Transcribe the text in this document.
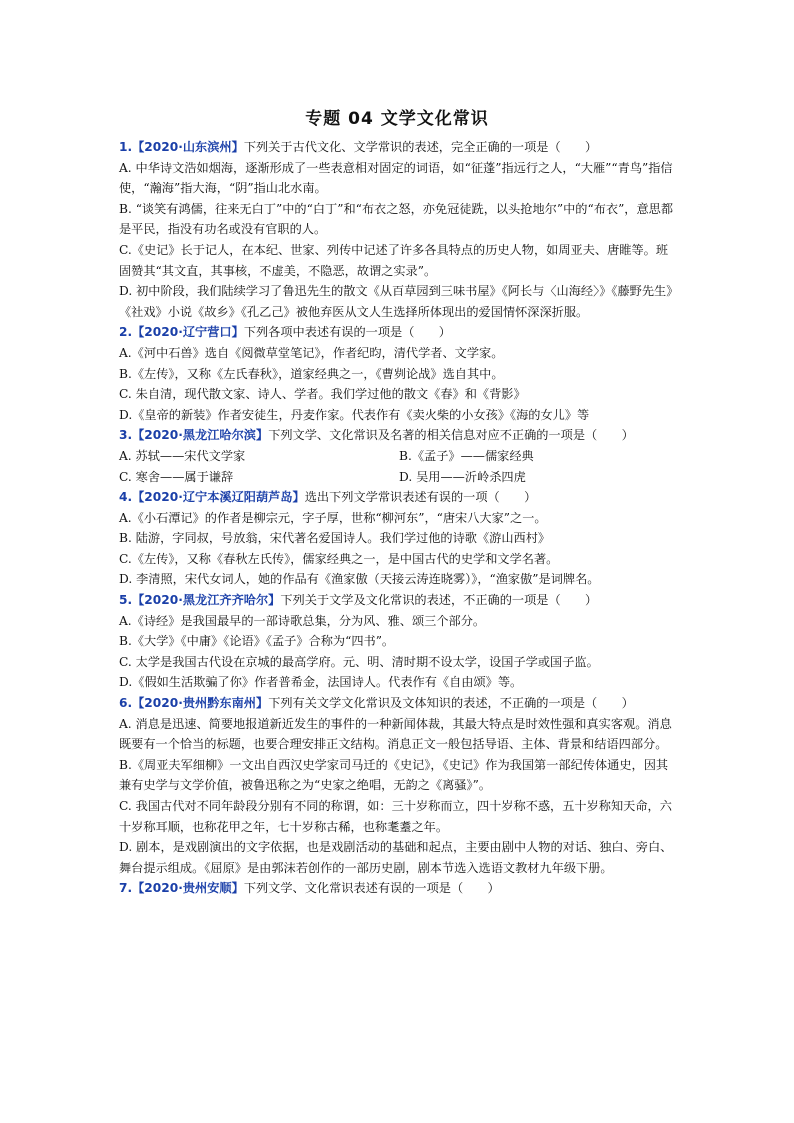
专题 04 文学文化常识
1.【2020·山东滨州】下列关于古代文化、文学常识的表述，完全正确的一项是（　　）
A. 中华诗文浩如烟海，逐渐形成了一些表意相对固定的词语，如“征蓬”指远行之人，“大雁”“青鸟”指信使，“瀚海”指大海，“阴”指山北水南。
B. “谈笑有鸿儒，往来无白丁”中的“白丁”和“布衣之怒，亦免冠徒跣，以头抢地尔”中的“布衣”，意思都是平民，指没有功名或没有官职的人。
C.《史记》长于记人，在本纪、世家、列传中记述了许多各具特点的历史人物，如周亚夫、唐睢等。班固赞其“其文直，其事核，不虚美，不隐恶，故谓之实录”。
D. 初中阶段，我们陆续学习了鲁迅先生的散文《从百草园到三味书屋》《阿长与〈山海经〉》《藤野先生》《社戏》小说《故乡》《孔乙己》被他弃医从文人生选择所体现出的爱国情怀深深折服。
2.【2020·辽宁营口】下列各项中表述有误的一项是（　　）
A.《河中石兽》选自《阅微草堂笔记》，作者纪昀，清代学者、文学家。
B.《左传》，又称《左氏春秋》，道家经典之一，《曹刿论战》选自其中。
C. 朱自清，现代散文家、诗人、学者。我们学过他的散文《春》和《背影》
D.《皇帝的新装》作者安徒生，丹麦作家。代表作有《卖火柴的小女孩》《海的女儿》等
3.【2020·黑龙江哈尔滨】下列文学、文化常识及名著的相关信息对应不正确的一项是（　　）
A. 苏轼——宋代文学家	B.《孟子》——儒家经典
C. 寒舍——属于谦辞	D. 吴用——沂岭杀四虎
4.【2020·辽宁本溪辽阳葫芦岛】选出下列文学常识表述有误的一项（　　）
A.《小石潭记》的作者是柳宗元，字子厚，世称“柳河东”，“唐宋八大家”之一。
B. 陆游，字同叔，号放翁，宋代著名爱国诗人。我们学过他的诗歌《游山西村》
C.《左传》，又称《春秋左氏传》，儒家经典之一，是中国古代的史学和文学名著。
D. 李清照，宋代女词人，她的作品有《渔家傲（天接云涛连晓雾）》，“渔家傲”是词牌名。
5.【2020·黑龙江齐齐哈尔】下列关于文学及文化常识的表述，不正确的一项是（　　）
A.《诗经》是我国最早的一部诗歌总集，分为风、雅、颂三个部分。
B.《大学》《中庸》《论语》《孟子》合称为“四书”。
C. 太学是我国古代设在京城的最高学府。元、明、清时期不设太学，设国子学或国子监。
D.《假如生活欺骗了你》作者普希金，法国诗人。代表作有《自由颂》等。
6.【2020·贵州黔东南州】下列有关文学文化常识及文体知识的表述，不正确的一项是（　　）
A. 消息是迅速、简要地报道新近发生的事件的一种新闻体裁，其最大特点是时效性强和真实客观。消息既要有一个恰当的标题，也要合理安排正文结构。消息正文一般包括导语、主体、背景和结语四部分。
B.《周亚夫军细柳》一文出自西汉史学家司马迁的《史记》，《史记》作为我国第一部纪传体通史，因其兼有史学与文学价值，被鲁迅称之为“史家之绝唱，无韵之《离骚》”。
C. 我国古代对不同年龄段分别有不同的称谓，如：三十岁称而立，四十岁称不惑，五十岁称知天命，六十岁称耳顺，也称花甲之年，七十岁称古稀，也称耄耋之年。
D. 剧本，是戏剧演出的文字依据，也是戏剧活动的基础和起点，主要由剧中人物的对话、独白、旁白、舞台提示组成。《屈原》是由郭沫若创作的一部历史剧，剧本节选入选语文教材九年级下册。
7.【2020·贵州安顺】下列文学、文化常识表述有误的一项是（　　）
